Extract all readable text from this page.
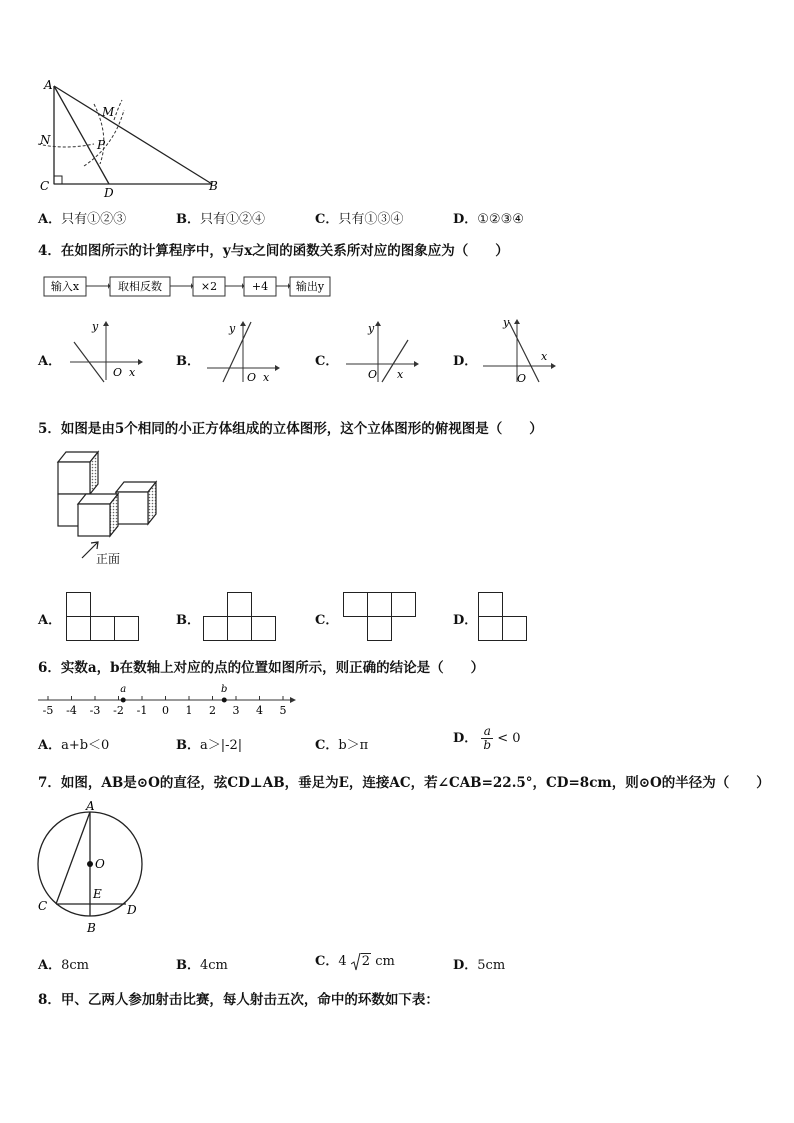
A
M
N	P
C	D	B
A．只有①②③	B．只有①②④	C．只有①③④	D．①②③④
4．在如图所示的计算程序中，y与x之间的函数关系所对应的图象应为（　　）
输入x	取相反数	×2	+4	输出y
A．
y
O x
B．
y
O x
C．
y
O x
D．
y
O
x
5．如图是由5个相同的小正方体组成的立体图形，这个立体图形的俯视图是（　　）
正面
A．	B．	C．	D．
6．实数a，b在数轴上对应的点的位置如图所示，则正确的结论是（　　）
-5 -4 -3 -2 -1 0 1 2 3 4 5
a	b
A．a+b＜0	B．a＞|-2|	C．b＞π	D． $\frac{a}{b} < 0$
7．如图，AB是⊙O的直径，弦CD⊥AB，垂足为E，连接AC，若∠CAB=22.5°，CD=8cm，则⊙O的半径为（　　）
A
O
E
C	D
B
A．8cm	B．4cm	C．4 2 cm	D．5cm
8．甲、乙两人参加射击比赛，每人射击五次，命中的环数如下表：
